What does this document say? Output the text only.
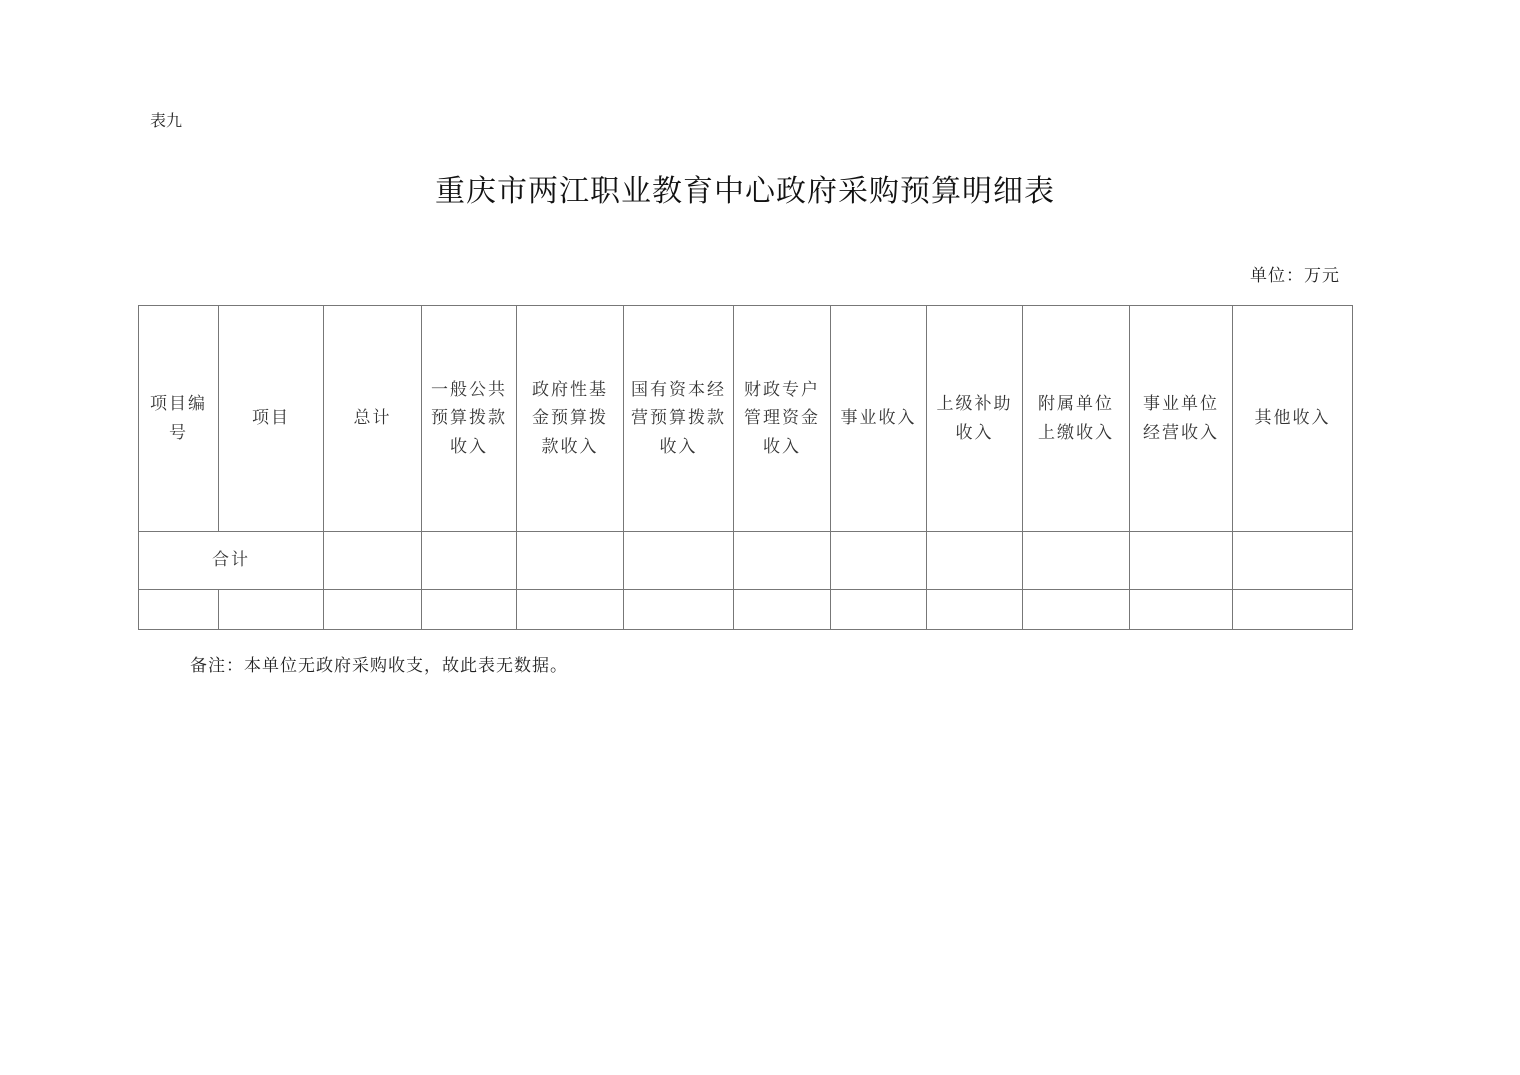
表九
重庆市两江职业教育中心政府采购预算明细表
单位：万元
项目编号	项目	总计	一般公共预算拨款收入	政府性基金预算拨款收入	国有资本经营预算拨款收入	财政专户管理资金收入	事业收入	上级补助收入	附属单位上缴收入	事业单位经营收入	其他收入
合计											

备注：本单位无政府采购收支，故此表无数据。
